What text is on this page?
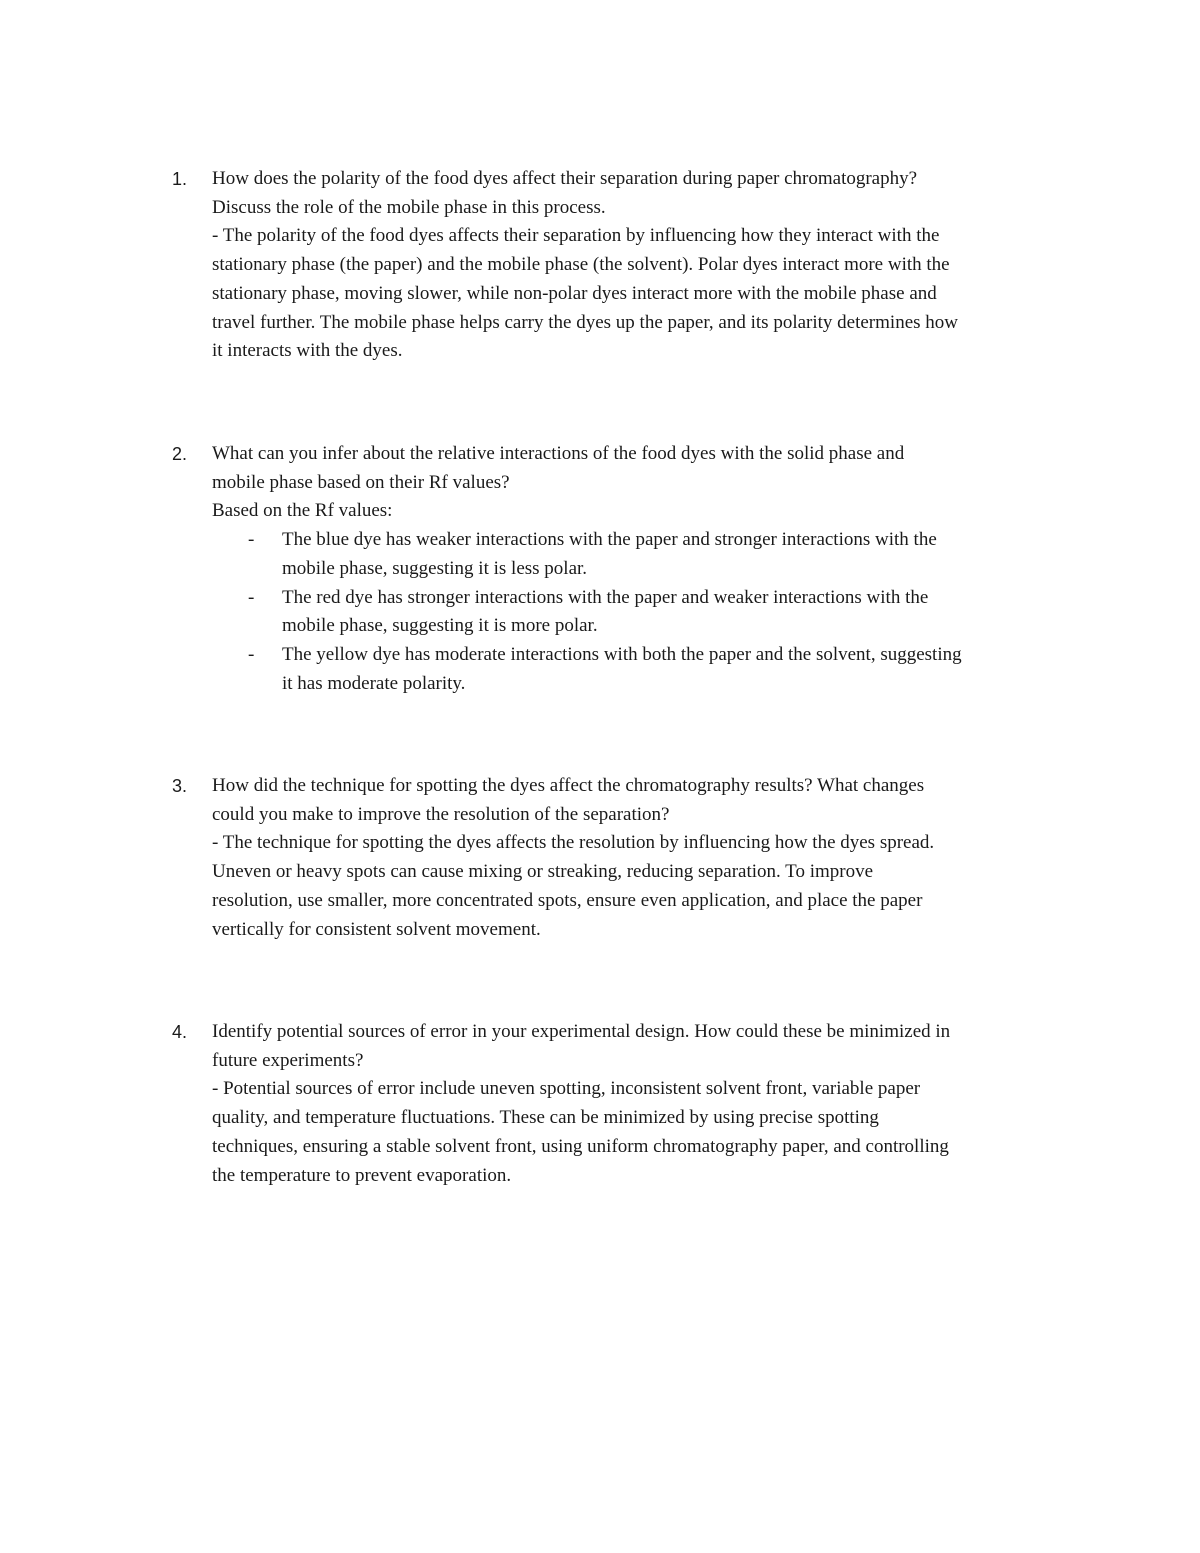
1.	How does the polarity of the food dyes affect their separation during paper chromatography?

Discuss the role of the mobile phase in this process.

- The polarity of the food dyes affects their separation by influencing how they interact with the

stationary phase (the paper) and the mobile phase (the solvent). Polar dyes interact more with the

stationary phase, moving slower, while non-polar dyes interact more with the mobile phase and

travel further. The mobile phase helps carry the dyes up the paper, and its polarity determines how

it interacts with the dyes.

2.	What can you infer about the relative interactions of the food dyes with the solid phase and

mobile phase based on their Rf values?

Based on the Rf values:

- The blue dye has weaker interactions with the paper and stronger interactions with the
mobile phase, suggesting it is less polar.
- The red dye has stronger interactions with the paper and weaker interactions with the
mobile phase, suggesting it is more polar.
- The yellow dye has moderate interactions with both the paper and the solvent, suggesting
it has moderate polarity.
3.	How did the technique for spotting the dyes affect the chromatography results? What changes

could you make to improve the resolution of the separation?

- The technique for spotting the dyes affects the resolution by influencing how the dyes spread.

Uneven or heavy spots can cause mixing or streaking, reducing separation. To improve

resolution, use smaller, more concentrated spots, ensure even application, and place the paper

vertically for consistent solvent movement.

4.	Identify potential sources of error in your experimental design. How could these be minimized in

future experiments?

- Potential sources of error include uneven spotting, inconsistent solvent front, variable paper

quality, and temperature fluctuations. These can be minimized by using precise spotting

techniques, ensuring a stable solvent front, using uniform chromatography paper, and controlling

the temperature to prevent evaporation.
